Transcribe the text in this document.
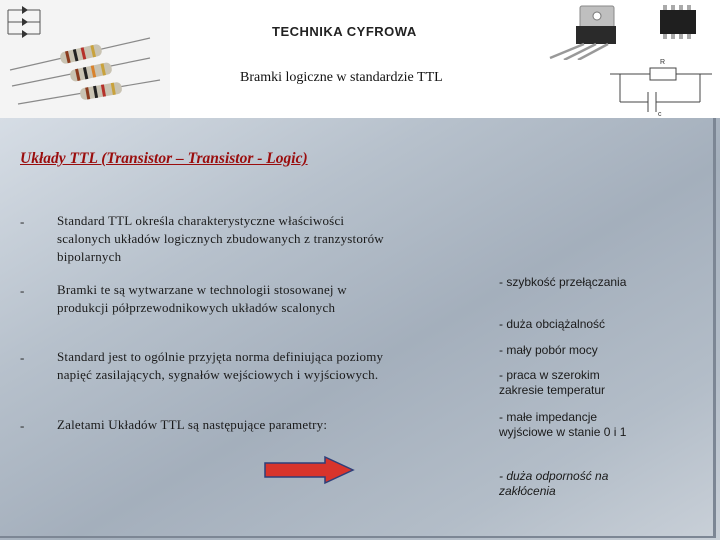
TECHNIKA CYFROWA
Bramki logiczne w standardzie TTL
R
c
Układy TTL (Transistor – Transistor - Logic)
-	Standard TTL określa charakterystyczne właściwości scalonych układów logicznych zbudowanych z tranzystorów bipolarnych
-	Bramki te są wytwarzane w technologii stosowanej w produkcji półprzewodnikowych układów scalonych
-	Standard jest to ogólnie przyjęta norma definiująca poziomy napięć zasilających, sygnałów wejściowych i wyjściowych.
-	Zaletami Układów TTL są następujące parametry:
- szybkość przełączania
- duża obciążalność
- mały pobór mocy
- praca w szerokim zakresie temperatur
- małe impedancje wyjściowe w stanie 0 i 1
- duża odporność na zakłócenia
